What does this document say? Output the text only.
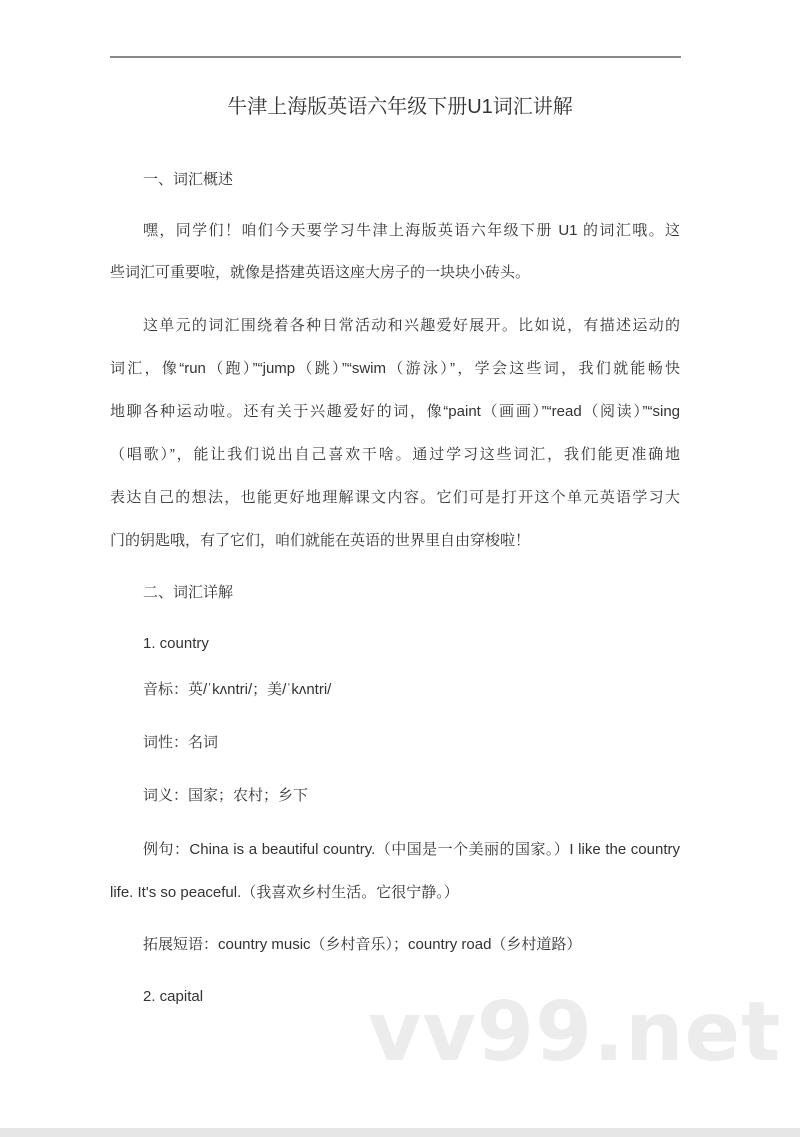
牛津上海版英语六年级下册U1词汇讲解
一、词汇概述
嘿，同学们！咱们今天要学习牛津上海版英语六年级下册 U1 的词汇哦。这
些词汇可重要啦，就像是搭建英语这座大房子的一块块小砖头。
这单元的词汇围绕着各种日常活动和兴趣爱好展开。比如说，有描述运动的
词汇，像“run（跑）”“jump（跳）”“swim（游泳）”，学会这些词，我们就能畅快
地聊各种运动啦。还有关于兴趣爱好的词，像“paint（画画）”“read（阅读）”“sing
（唱歌）”，能让我们说出自己喜欢干啥。通过学习这些词汇，我们能更准确地
表达自己的想法，也能更好地理解课文内容。它们可是打开这个单元英语学习大
门的钥匙哦，有了它们，咱们就能在英语的世界里自由穿梭啦！
二、词汇详解
1. country
音标：英/ˈkʌntri/；美/ˈkʌntri/
词性：名词
词义：国家；农村；乡下
例句：China is a beautiful country.（中国是一个美丽的国家。）I like the country
life. It's so peaceful.（我喜欢乡村生活。它很宁静。）
拓展短语：country music（乡村音乐）；country road（乡村道路）
2. capital	vv99.net
